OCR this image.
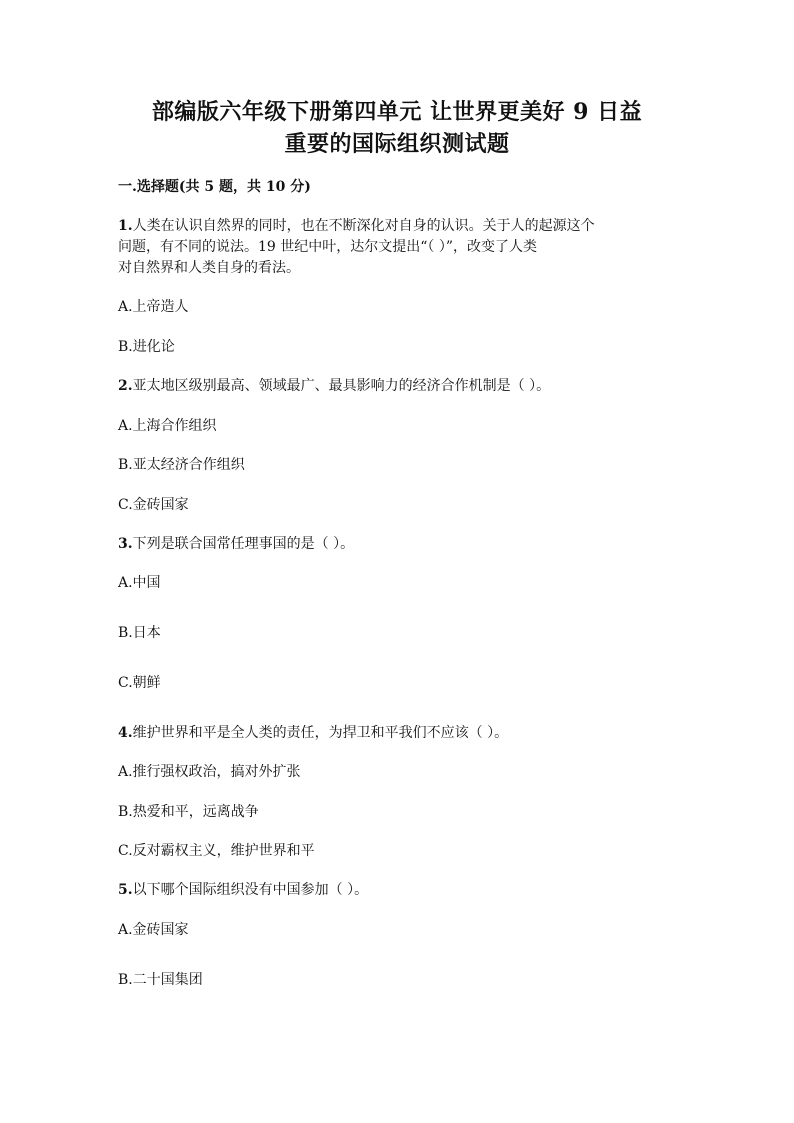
部编版六年级下册第四单元 让世界更美好 9 日益
重要的国际组织测试题
一.选择题(共 5 题，共 10 分)
1.人类在认识自然界的同时，也在不断深化对自身的认识。关于人的起源这个
问题，有不同的说法。19 世纪中叶，达尔文提出“（ ）”，改变了人类
对自然界和人类自身的看法。
A.上帝造人
B.进化论
2.亚太地区级别最高、领域最广、最具影响力的经济合作机制是（ ）。
A.上海合作组织
B.亚太经济合作组织
C.金砖国家
3.下列是联合国常任理事国的是（ ）。
A.中国
B.日本
C.朝鲜
4.维护世界和平是全人类的责任，为捍卫和平我们不应该（ ）。
A.推行强权政治，搞对外扩张
B.热爱和平，远离战争
C.反对霸权主义，维护世界和平
5.以下哪个国际组织没有中国参加（ ）。
A.金砖国家
B.二十国集团
